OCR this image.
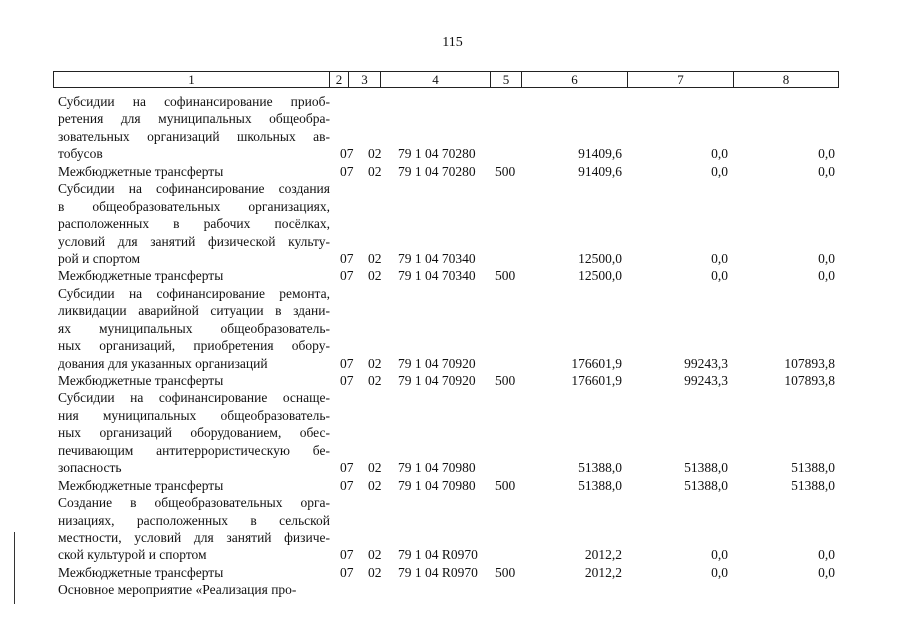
115
1	2	3	4	5	6	7	8
Субсидии на софинансирование приоб-
ретения для муниципальных общеобра-
зовательных организаций школьных ав-
тобусов	07 02 79 1 04 70280	91409,6	0,0	0,0
Межбюджетные трансферты	07 02 79 1 04 70280 500	91409,6	0,0	0,0
Субсидии на софинансирование создания
в общеобразовательных организациях,
расположенных в рабочих посёлках,
условий для занятий физической культу-
рой и спортом	07 02 79 1 04 70340	12500,0	0,0	0,0
Межбюджетные трансферты	07 02 79 1 04 70340 500	12500,0	0,0	0,0
Субсидии на софинансирование ремонта,
ликвидации аварийной ситуации в здани-
ях муниципальных общеобразователь-
ных организаций, приобретения обору-
дования для указанных организаций	07 02 79 1 04 70920	176601,9	99243,3	107893,8
Межбюджетные трансферты	07 02 79 1 04 70920 500	176601,9	99243,3	107893,8
Субсидии на софинансирование оснаще-
ния муниципальных общеобразователь-
ных организаций оборудованием, обес-
печивающим антитеррористическую бе-
зопасность	07 02 79 1 04 70980	51388,0	51388,0	51388,0
Межбюджетные трансферты	07 02 79 1 04 70980 500	51388,0	51388,0	51388,0
Создание в общеобразовательных орга-
низациях, расположенных в сельской
местности, условий для занятий физиче-
ской культурой и спортом	07 02 79 1 04 R0970	2012,2	0,0	0,0
Межбюджетные трансферты	07 02 79 1 04 R0970 500	2012,2	0,0	0,0
Основное мероприятие «Реализация про-
